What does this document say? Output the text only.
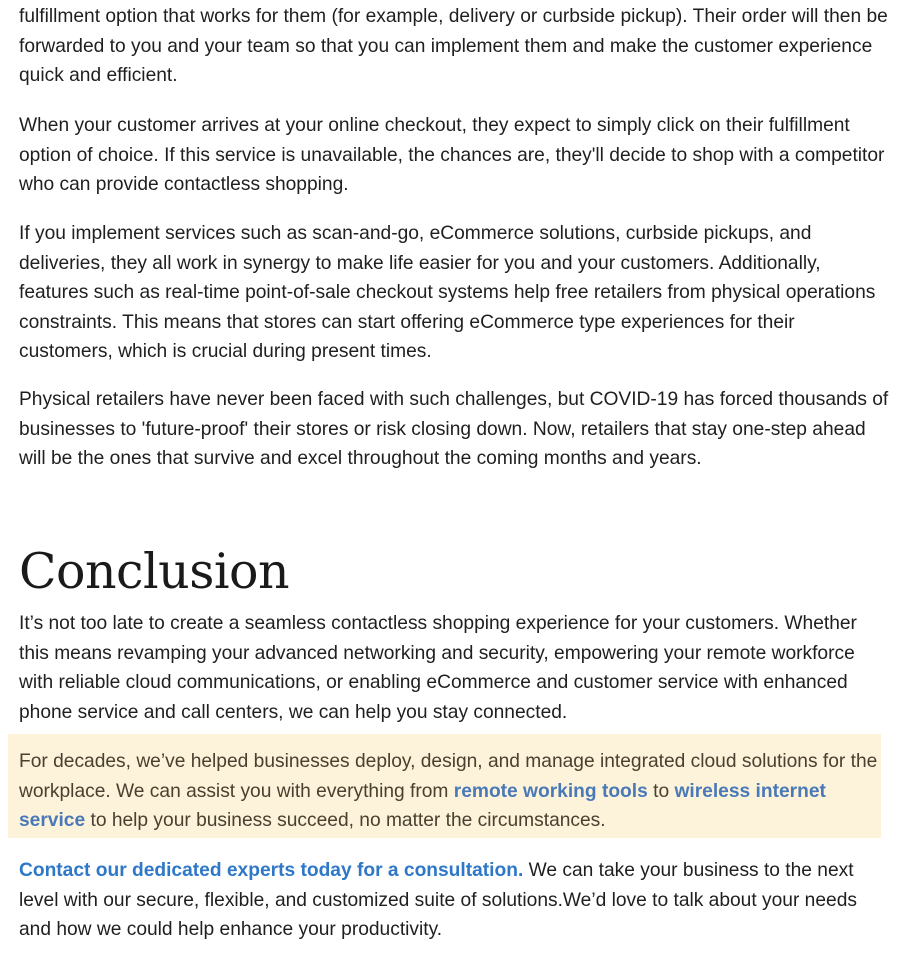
fulfillment option that works for them (for example, delivery or curbside pickup). Their order will then be forwarded to you and your team so that you can implement them and make the customer experience quick and efficient.

When your customer arrives at your online checkout, they expect to simply click on their fulfillment option of choice. If this service is unavailable, the chances are, they'll decide to shop with a competitor who can provide contactless shopping.

If you implement services such as scan-and-go, eCommerce solutions, curbside pickups, and deliveries, they all work in synergy to make life easier for you and your customers. Additionally, features such as real-time point-of-sale checkout systems help free retailers from physical operations constraints. This means that stores can start offering eCommerce type experiences for their customers, which is crucial during present times.

Physical retailers have never been faced with such challenges, but COVID-19 has forced thousands of businesses to 'future-proof' their stores or risk closing down. Now, retailers that stay one-step ahead will be the ones that survive and excel throughout the coming months and years.

Conclusion

It’s not too late to create a seamless contactless shopping experience for your customers. Whether this means revamping your advanced networking and security, empowering your remote workforce with reliable cloud communications, or enabling eCommerce and customer service with enhanced phone service and call centers, we can help you stay connected.

For decades, we’ve helped businesses deploy, design, and manage integrated cloud solutions for the workplace. We can assist you with everything from remote working tools to wireless internet service to help your business succeed, no matter the circumstances.

Contact our dedicated experts today for a consultation. We can take your business to the next level with our secure, flexible, and customized suite of solutions.We’d love to talk about your needs and how we could help enhance your productivity.
